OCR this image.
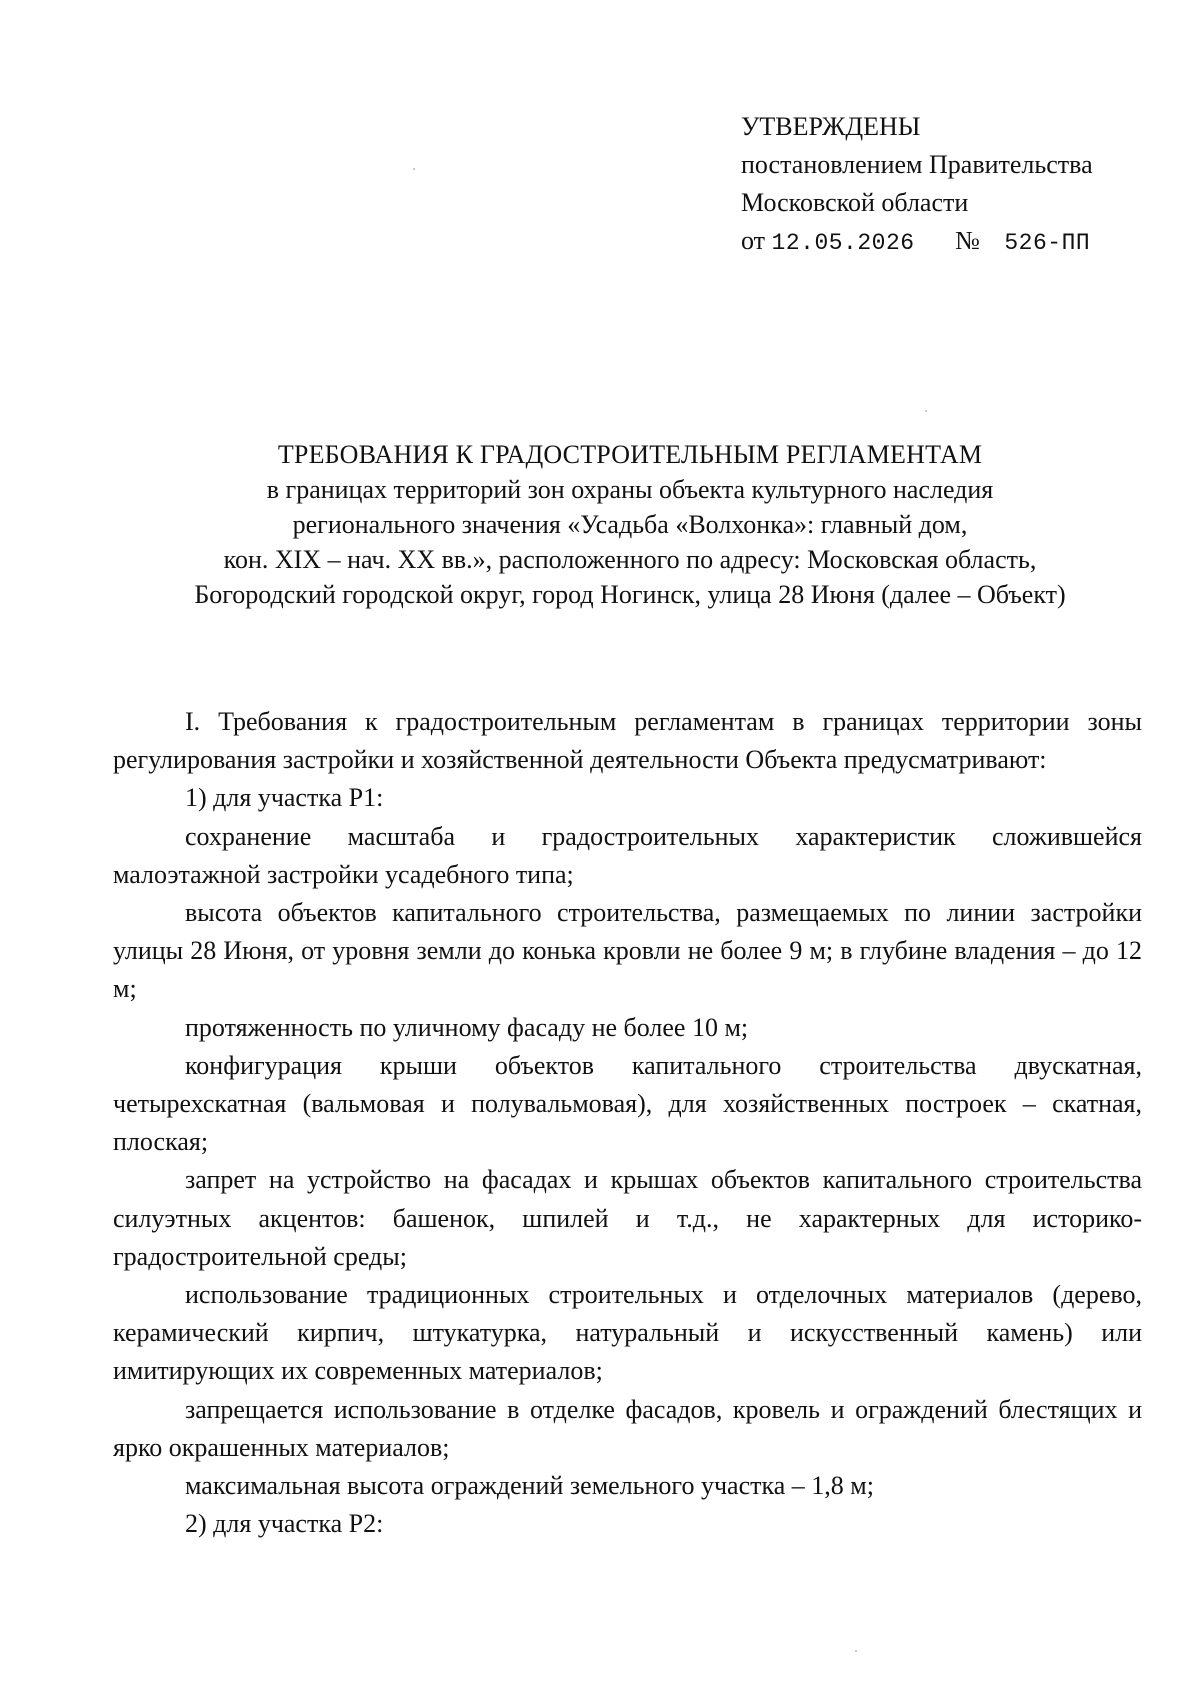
УТВЕРЖДЕНЫ
постановлением Правительства
Московской области
от 12.05.2026 № 526-ПП
ТРЕБОВАНИЯ К ГРАДОСТРОИТЕЛЬНЫМ РЕГЛАМЕНТАМ
в границах территорий зон охраны объекта культурного наследия
регионального значения «Усадьба «Волхонка»: главный дом,
кон. XIX – нач. XX вв.», расположенного по адресу: Московская область,
Богородский городской округ, город Ногинск, улица 28 Июня (далее – Объект)

I. Требования к градостроительным регламентам в границах территории зоны регулирования застройки и хозяйственной деятельности Объекта предусматривают:

1) для участка Р1:

сохранение масштаба и градостроительных характеристик сложившейся малоэтажной застройки усадебного типа;

высота объектов капитального строительства, размещаемых по линии застройки улицы 28 Июня, от уровня земли до конька кровли не более 9 м; в глубине владения – до 12 м;

протяженность по уличному фасаду не более 10 м;

конфигурация крыши объектов капитального строительства двускатная, четырехскатная (вальмовая и полувальмовая), для хозяйственных построек – скатная, плоская;

запрет на устройство на фасадах и крышах объектов капитального строительства силуэтных акцентов: башенок, шпилей и т.д., не характерных для историко-градостроительной среды;

использование традиционных строительных и отделочных материалов (дерево, керамический кирпич, штукатурка, натуральный и искусственный камень) или имитирующих их современных материалов;

запрещается использование в отделке фасадов, кровель и ограждений блестящих и ярко окрашенных материалов;

максимальная высота ограждений земельного участка – 1,8 м;

2) для участка Р2:
